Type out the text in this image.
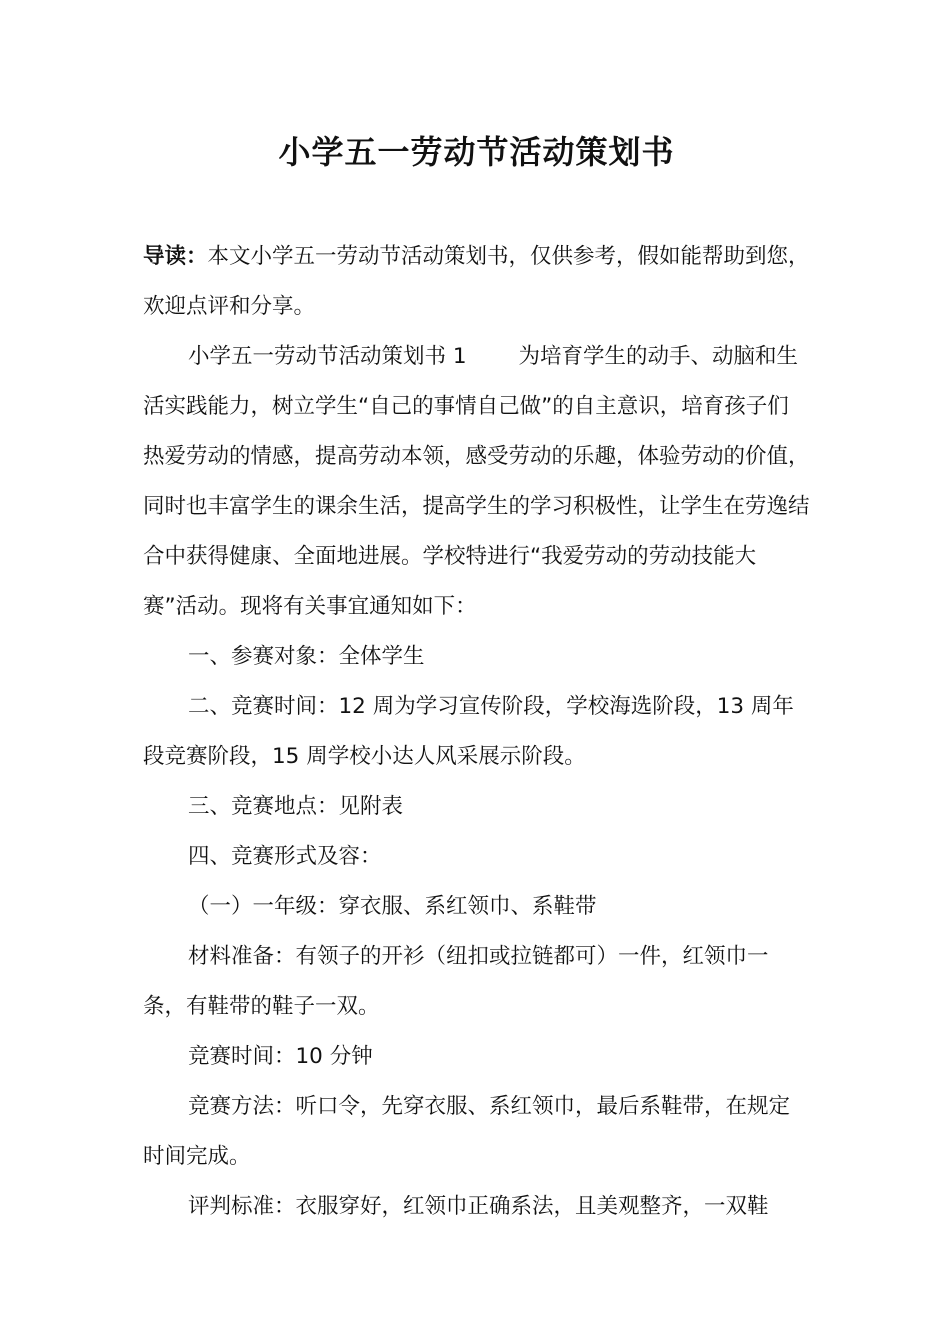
小学五一劳动节活动策划书

导读：本文小学五一劳动节活动策划书，仅供参考，假如能帮助到您，欢迎点评和分享。

小学五一劳动节活动策划书 1 为培育学生的动手、动脑和生活实践能力，树立学生“自己的事情自己做”的自主意识，培育孩子们热爱劳动的情感，提高劳动本领，感受劳动的乐趣，体验劳动的价值，同时也丰富学生的课余生活，提高学生的学习积极性，让学生在劳逸结合中获得健康、全面地进展。学校特进行“我爱劳动的劳动技能大赛”活动。现将有关事宜通知如下：

一、参赛对象：全体学生

二、竞赛时间：12 周为学习宣传阶段，学校海选阶段，13 周年段竞赛阶段，15 周学校小达人风采展示阶段。

三、竞赛地点：见附表

四、竞赛形式及容：

（一）一年级：穿衣服、系红领巾、系鞋带

材料准备：有领子的开衫（纽扣或拉链都可）一件，红领巾一条，有鞋带的鞋子一双。

竞赛时间：10 分钟

竞赛方法：听口令，先穿衣服、系红领巾，最后系鞋带，在规定时间完成。

评判标准：衣服穿好，红领巾正确系法，且美观整齐，一双鞋
